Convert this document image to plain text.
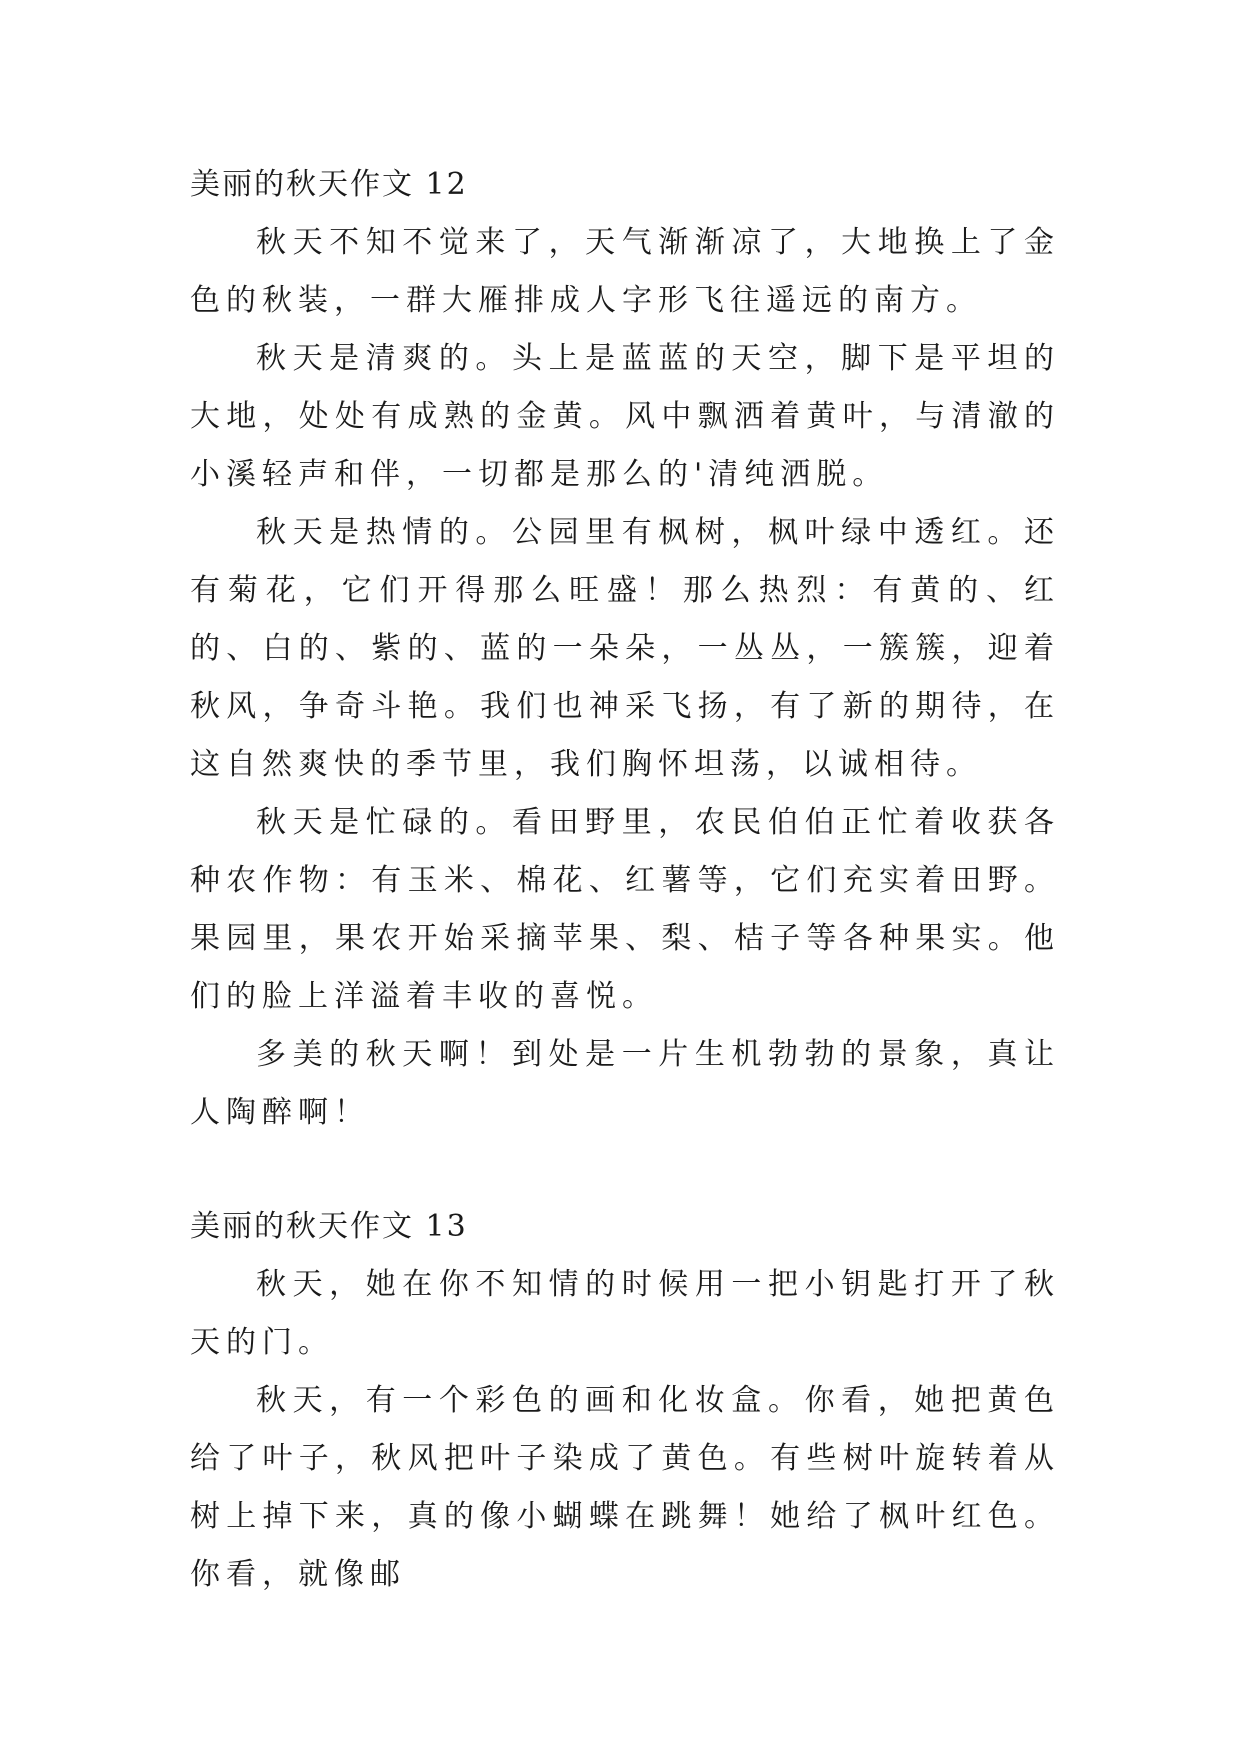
美丽的秋天作文 12

秋天不知不觉来了，天气渐渐凉了，大地换上了金色的秋装，一群大雁排成人字形飞往遥远的南方。

秋天是清爽的。头上是蓝蓝的天空，脚下是平坦的大地，处处有成熟的金黄。风中飘洒着黄叶，与清澈的小溪轻声和伴，一切都是那么的'清纯洒脱。

秋天是热情的。公园里有枫树，枫叶绿中透红。还有菊花，它们开得那么旺盛！那么热烈：有黄的、红的、白的、紫的、蓝的一朵朵，一丛丛，一簇簇，迎着秋风，争奇斗艳。我们也神采飞扬，有了新的期待，在这自然爽快的季节里，我们胸怀坦荡，以诚相待。

秋天是忙碌的。看田野里，农民伯伯正忙着收获各种农作物：有玉米、棉花、红薯等，它们充实着田野。果园里，果农开始采摘苹果、梨、桔子等各种果实。他们的脸上洋溢着丰收的喜悦。

多美的秋天啊！到处是一片生机勃勃的景象，真让人陶醉啊！

美丽的秋天作文 13

秋天，她在你不知情的时候用一把小钥匙打开了秋天的门。

秋天，有一个彩色的画和化妆盒。你看，她把黄色给了叶子，秋风把叶子染成了黄色。有些树叶旋转着从树上掉下来，真的像小蝴蝶在跳舞！她给了枫叶红色。你看，就像邮
